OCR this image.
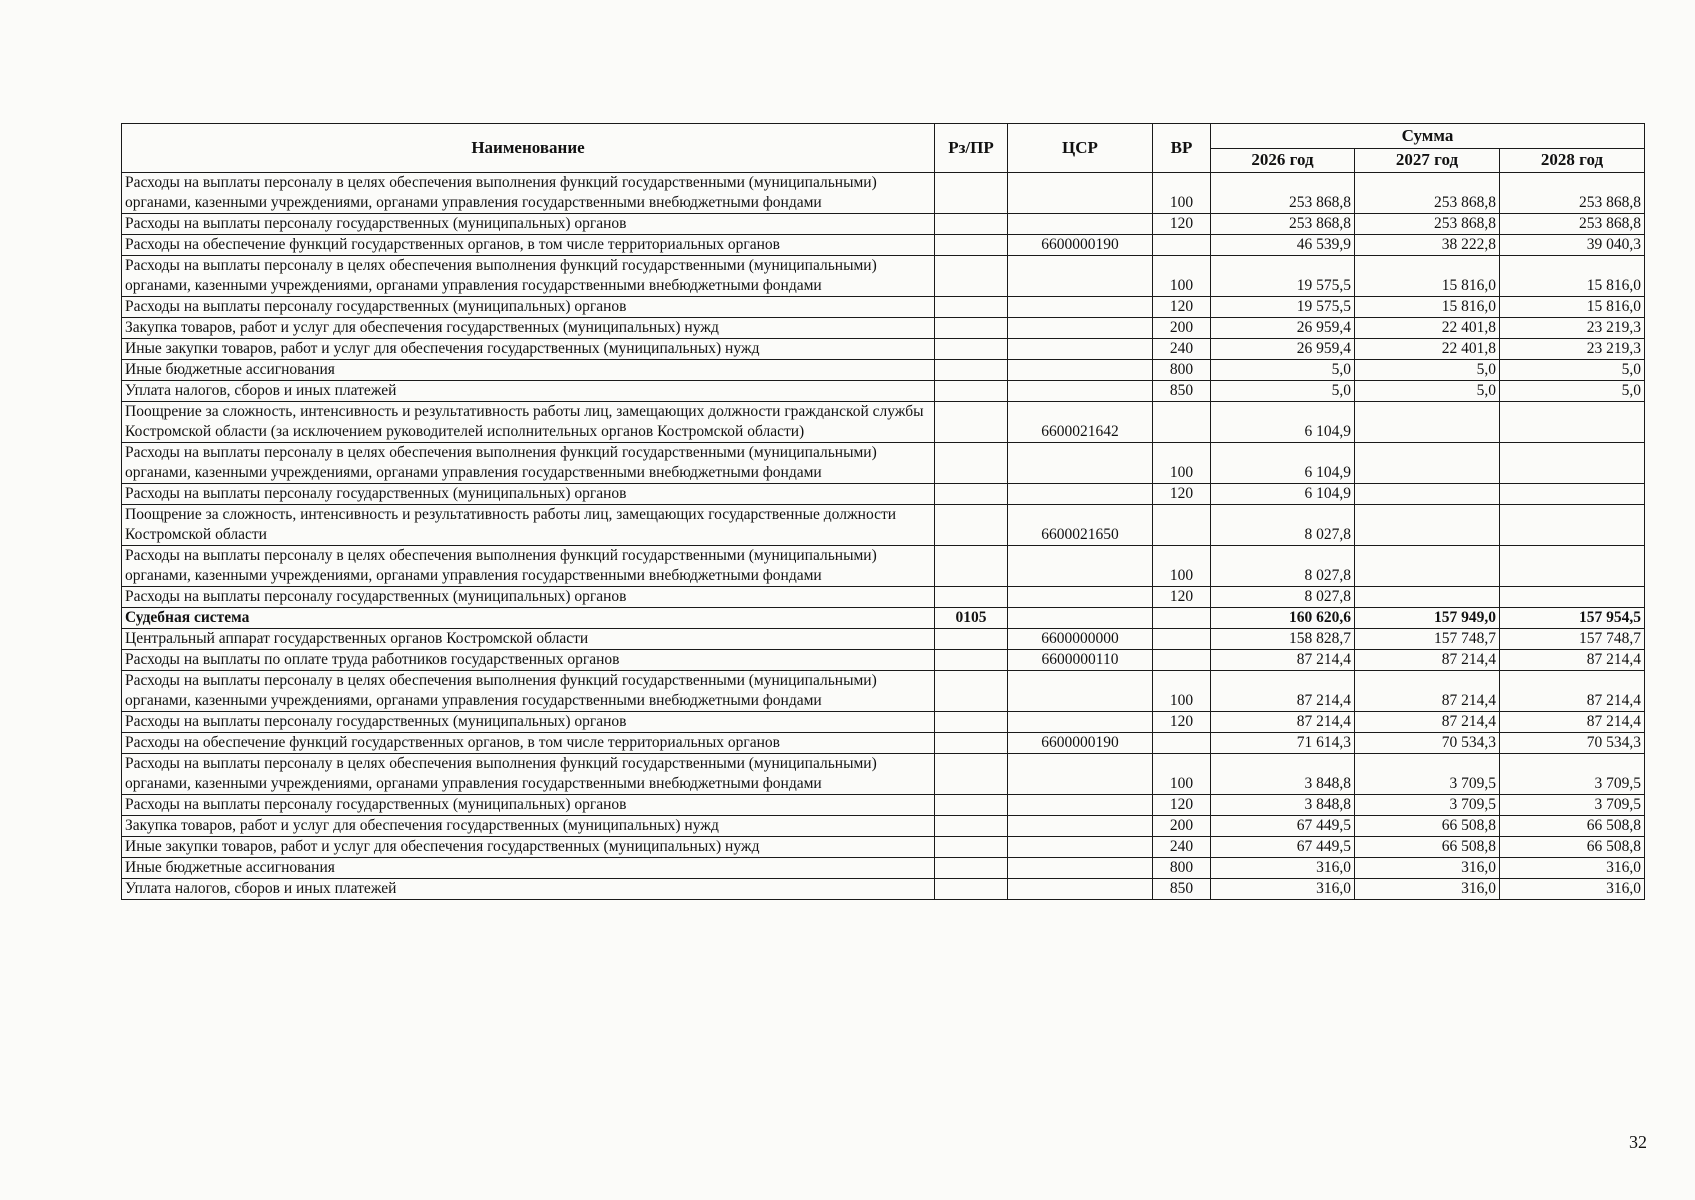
Наименование	Рз/ПР	ЦСР	ВР	Сумма		
				2026 год	2027 год	2028 год
Расходы на выплаты персоналу в целях обеспечения выполнения функций государственными (муниципальными) органами, казенными учреждениями, органами управления государственными внебюджетными фондами			100	253 868,8	253 868,8	253 868,8
Расходы на выплаты персоналу государственных (муниципальных) органов			120	253 868,8	253 868,8	253 868,8
Расходы на обеспечение функций государственных органов, в том числе территориальных органов		6600000190		46 539,9	38 222,8	39 040,3
Расходы на выплаты персоналу в целях обеспечения выполнения функций государственными (муниципальными) органами, казенными учреждениями, органами управления государственными внебюджетными фондами			100	19 575,5	15 816,0	15 816,0
Расходы на выплаты персоналу государственных (муниципальных) органов			120	19 575,5	15 816,0	15 816,0
Закупка товаров, работ и услуг для обеспечения государственных (муниципальных) нужд			200	26 959,4	22 401,8	23 219,3
Иные закупки товаров, работ и услуг для обеспечения государственных (муниципальных) нужд			240	26 959,4	22 401,8	23 219,3
Иные бюджетные ассигнования			800	5,0	5,0	5,0
Уплата налогов, сборов и иных платежей			850	5,0	5,0	5,0
Поощрение за сложность, интенсивность и результативность работы лиц, замещающих должности гражданской службы Костромской области (за исключением руководителей исполнительных органов Костромской области)		6600021642		6 104,9		
Расходы на выплаты персоналу в целях обеспечения выполнения функций государственными (муниципальными) органами, казенными учреждениями, органами управления государственными внебюджетными фондами			100	6 104,9		
Расходы на выплаты персоналу государственных (муниципальных) органов			120	6 104,9		
Поощрение за сложность, интенсивность и результативность работы лиц, замещающих государственные должности Костромской области		6600021650		8 027,8		
Расходы на выплаты персоналу в целях обеспечения выполнения функций государственными (муниципальными) органами, казенными учреждениями, органами управления государственными внебюджетными фондами			100	8 027,8		
Расходы на выплаты персоналу государственных (муниципальных) органов			120	8 027,8		
Судебная система	0105			160 620,6	157 949,0	157 954,5
Центральный аппарат государственных органов Костромской области		6600000000		158 828,7	157 748,7	157 748,7
Расходы на выплаты по оплате труда работников государственных органов		6600000110		87 214,4	87 214,4	87 214,4
Расходы на выплаты персоналу в целях обеспечения выполнения функций государственными (муниципальными) органами, казенными учреждениями, органами управления государственными внебюджетными фондами			100	87 214,4	87 214,4	87 214,4
Расходы на выплаты персоналу государственных (муниципальных) органов			120	87 214,4	87 214,4	87 214,4
Расходы на обеспечение функций государственных органов, в том числе территориальных органов		6600000190		71 614,3	70 534,3	70 534,3
Расходы на выплаты персоналу в целях обеспечения выполнения функций государственными (муниципальными) органами, казенными учреждениями, органами управления государственными внебюджетными фондами			100	3 848,8	3 709,5	3 709,5
Расходы на выплаты персоналу государственных (муниципальных) органов			120	3 848,8	3 709,5	3 709,5
Закупка товаров, работ и услуг для обеспечения государственных (муниципальных) нужд			200	67 449,5	66 508,8	66 508,8
Иные закупки товаров, работ и услуг для обеспечения государственных (муниципальных) нужд			240	67 449,5	66 508,8	66 508,8
Иные бюджетные ассигнования			800	316,0	316,0	316,0
Уплата налогов, сборов и иных платежей			850	316,0	316,0	316,0
32
